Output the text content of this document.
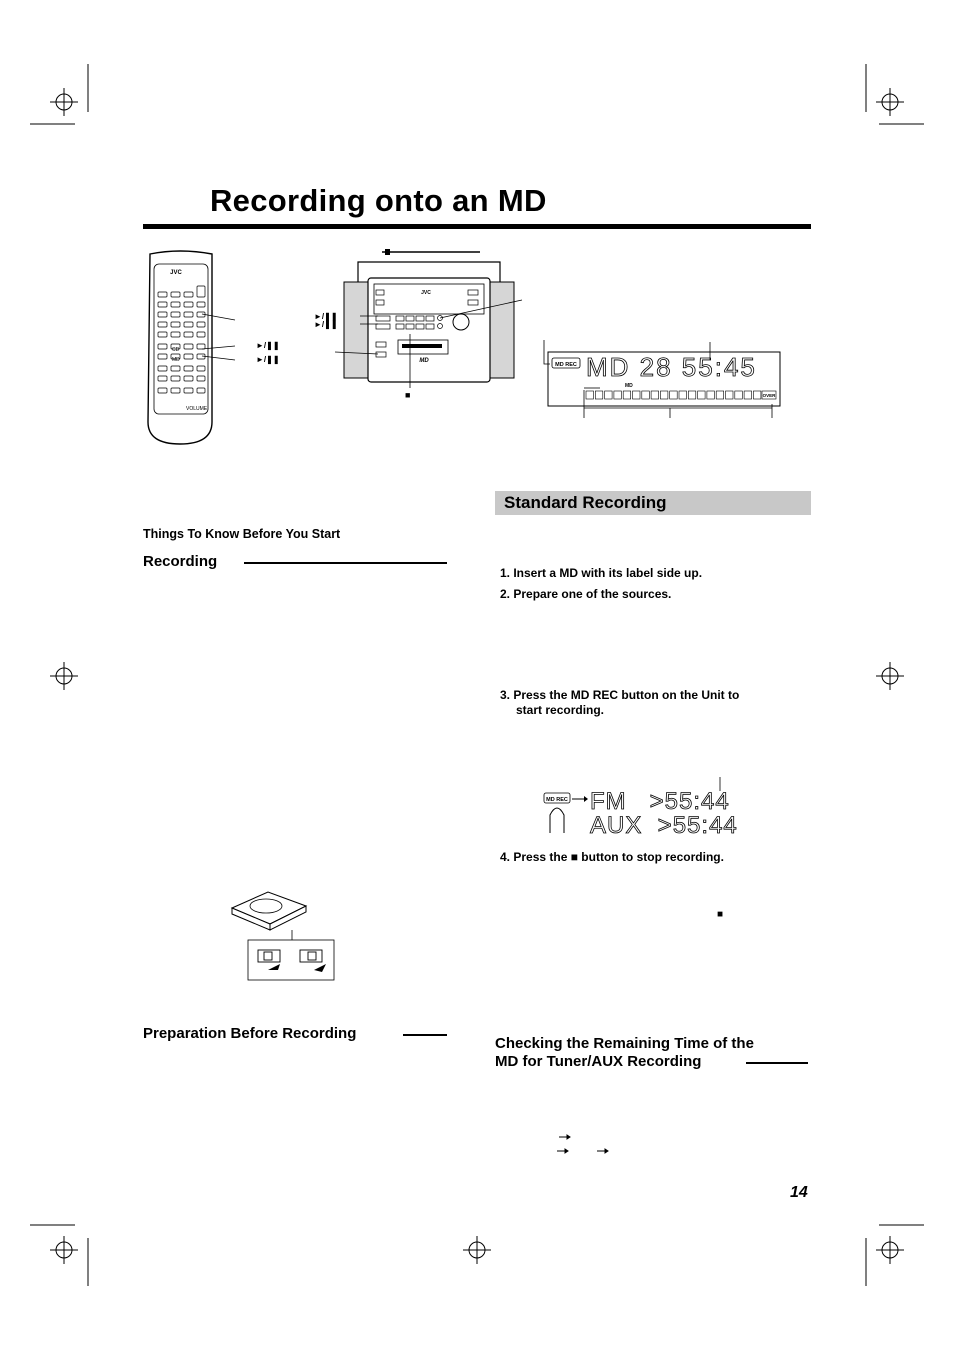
Recording onto an MD
JVC
CD
MD
VOLUME
►/❚❚
►/❚❚
JVC
MD
►/❚❚
►/❚❚
■
MD REC MD 28 55:45
MD
OVER
Things To Know Before You Start
Recording
Preparation Before Recording
Standard Recording
1. Insert a MD with its label side up.
2. Prepare one of the sources.
3. Press the MD REC button on the Unit to
start recording.
MD REC FM   >55:44
AUX  >55:44
4. Press the ■ button to stop recording.
■
Checking the Remaining Time of the
MD for Tuner/AUX Recording
14
